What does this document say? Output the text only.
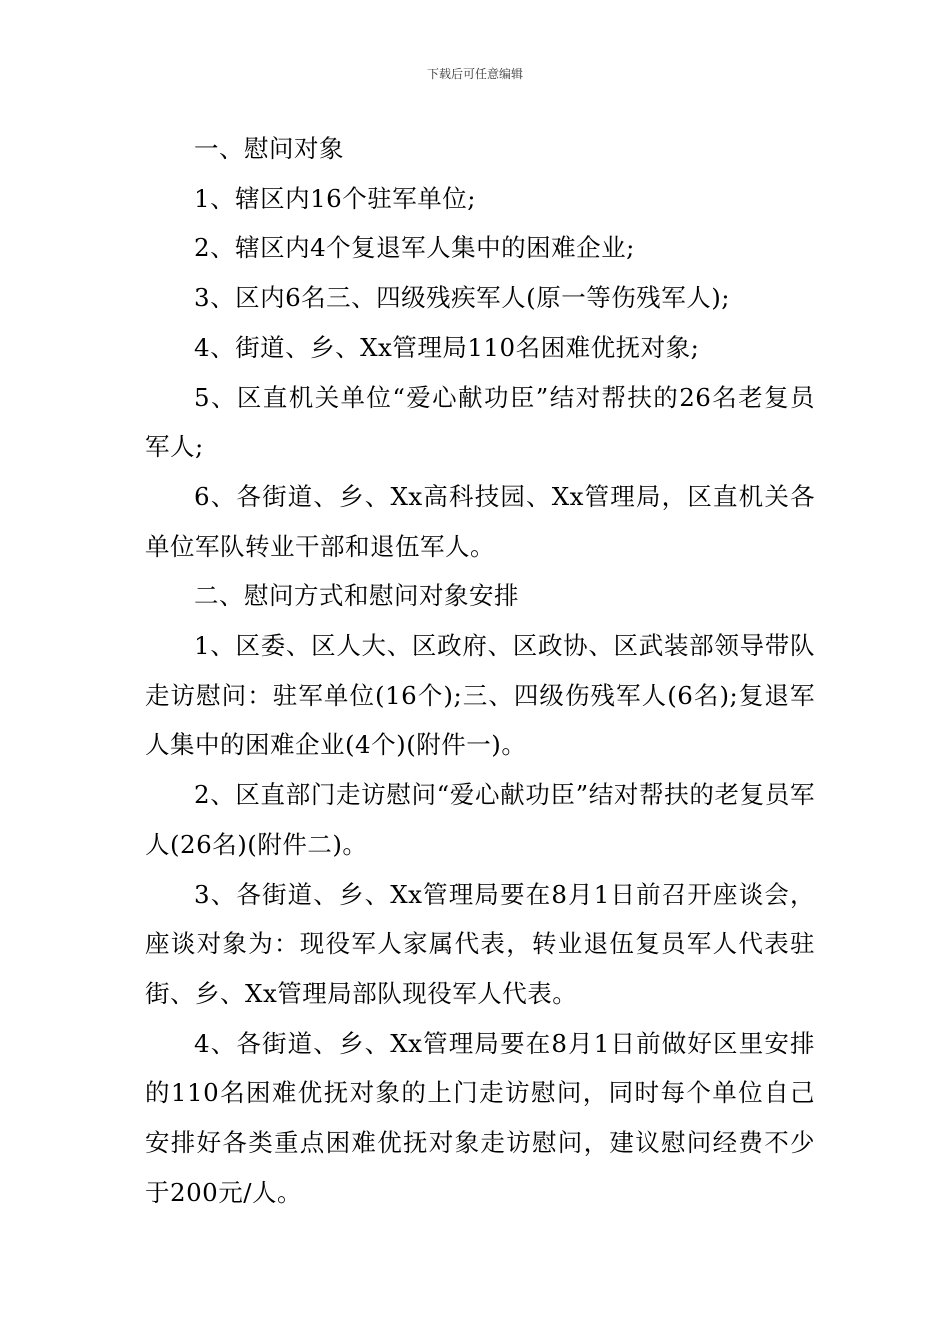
下载后可任意编辑

一、慰问对象

1、辖区内16个驻军单位;

2、辖区内4个复退军人集中的困难企业;

3、区内6名三、四级残疾军人(原一等伤残军人);

4、街道、乡、Xx管理局110名困难优抚对象;

5、区直机关单位“爱心献功臣”结对帮扶的26名老复员军人;

6、各街道、乡、Xx高科技园、Xx管理局，区直机关各单位军队转业干部和退伍军人。

二、慰问方式和慰问对象安排

1、区委、区人大、区政府、区政协、区武装部领导带队走访慰问：驻军单位(16个);三、四级伤残军人(6名);复退军人集中的困难企业(4个)(附件一)。

2、区直部门走访慰问“爱心献功臣”结对帮扶的老复员军人(26名)(附件二)。

3、各街道、乡、Xx管理局要在8月1日前召开座谈会，座谈对象为：现役军人家属代表，转业退伍复员军人代表驻街、乡、Xx管理局部队现役军人代表。

4、各街道、乡、Xx管理局要在8月1日前做好区里安排的110名困难优抚对象的上门走访慰问，同时每个单位自己安排好各类重点困难优抚对象走访慰问，建议慰问经费不少于200元/人。
